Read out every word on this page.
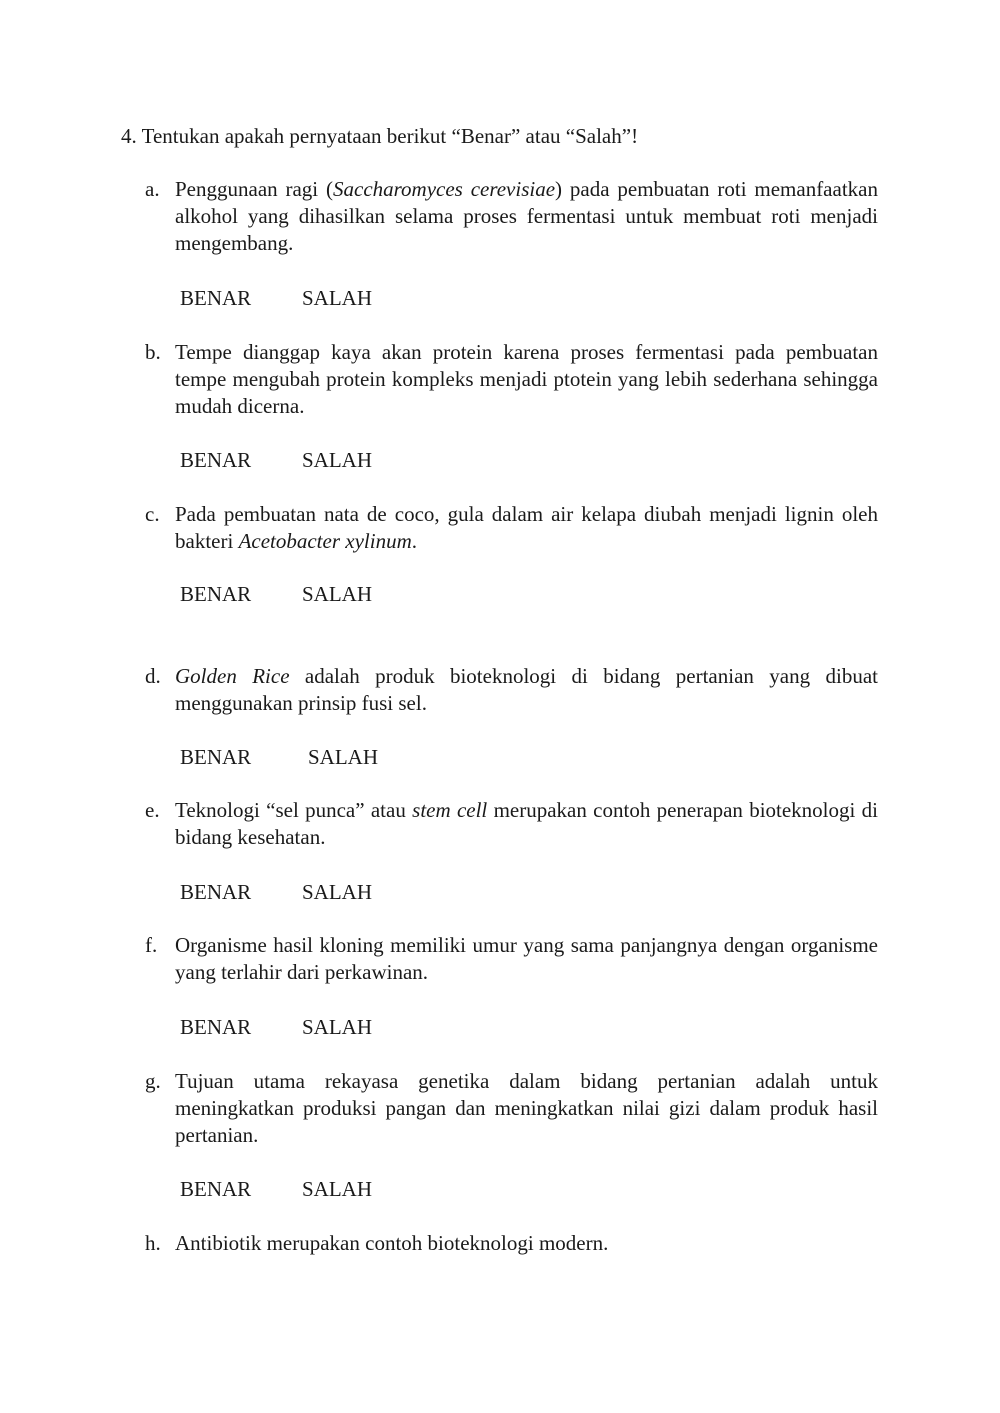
4. Tentukan apakah pernyataan berikut “Benar” atau “Salah”!
a. Penggunaan ragi (Saccharomyces cerevisiae) pada pembuatan roti memanfaatkan alkohol yang dihasilkan selama proses fermentasi untuk membuat roti menjadi mengembang.
BENAR SALAH
b. Tempe dianggap kaya akan protein karena proses fermentasi pada pembuatan tempe mengubah protein kompleks menjadi ptotein yang lebih sederhana sehingga mudah dicerna.
BENAR SALAH
c. Pada pembuatan nata de coco, gula dalam air kelapa diubah menjadi lignin oleh bakteri Acetobacter xylinum.
BENAR SALAH
d. Golden Rice adalah produk bioteknologi di bidang pertanian yang dibuat menggunakan prinsip fusi sel.
BENAR	SALAH
e. Teknologi “sel punca” atau stem cell merupakan contoh penerapan bioteknologi di bidang kesehatan.
BENAR SALAH
f. Organisme hasil kloning memiliki umur yang sama panjangnya dengan organisme yang terlahir dari perkawinan.
BENAR SALAH
g. Tujuan utama rekayasa genetika dalam bidang pertanian adalah untuk meningkatkan produksi pangan dan meningkatkan nilai gizi dalam produk hasil pertanian.
BENAR SALAH
h. Antibiotik merupakan contoh bioteknologi modern.
